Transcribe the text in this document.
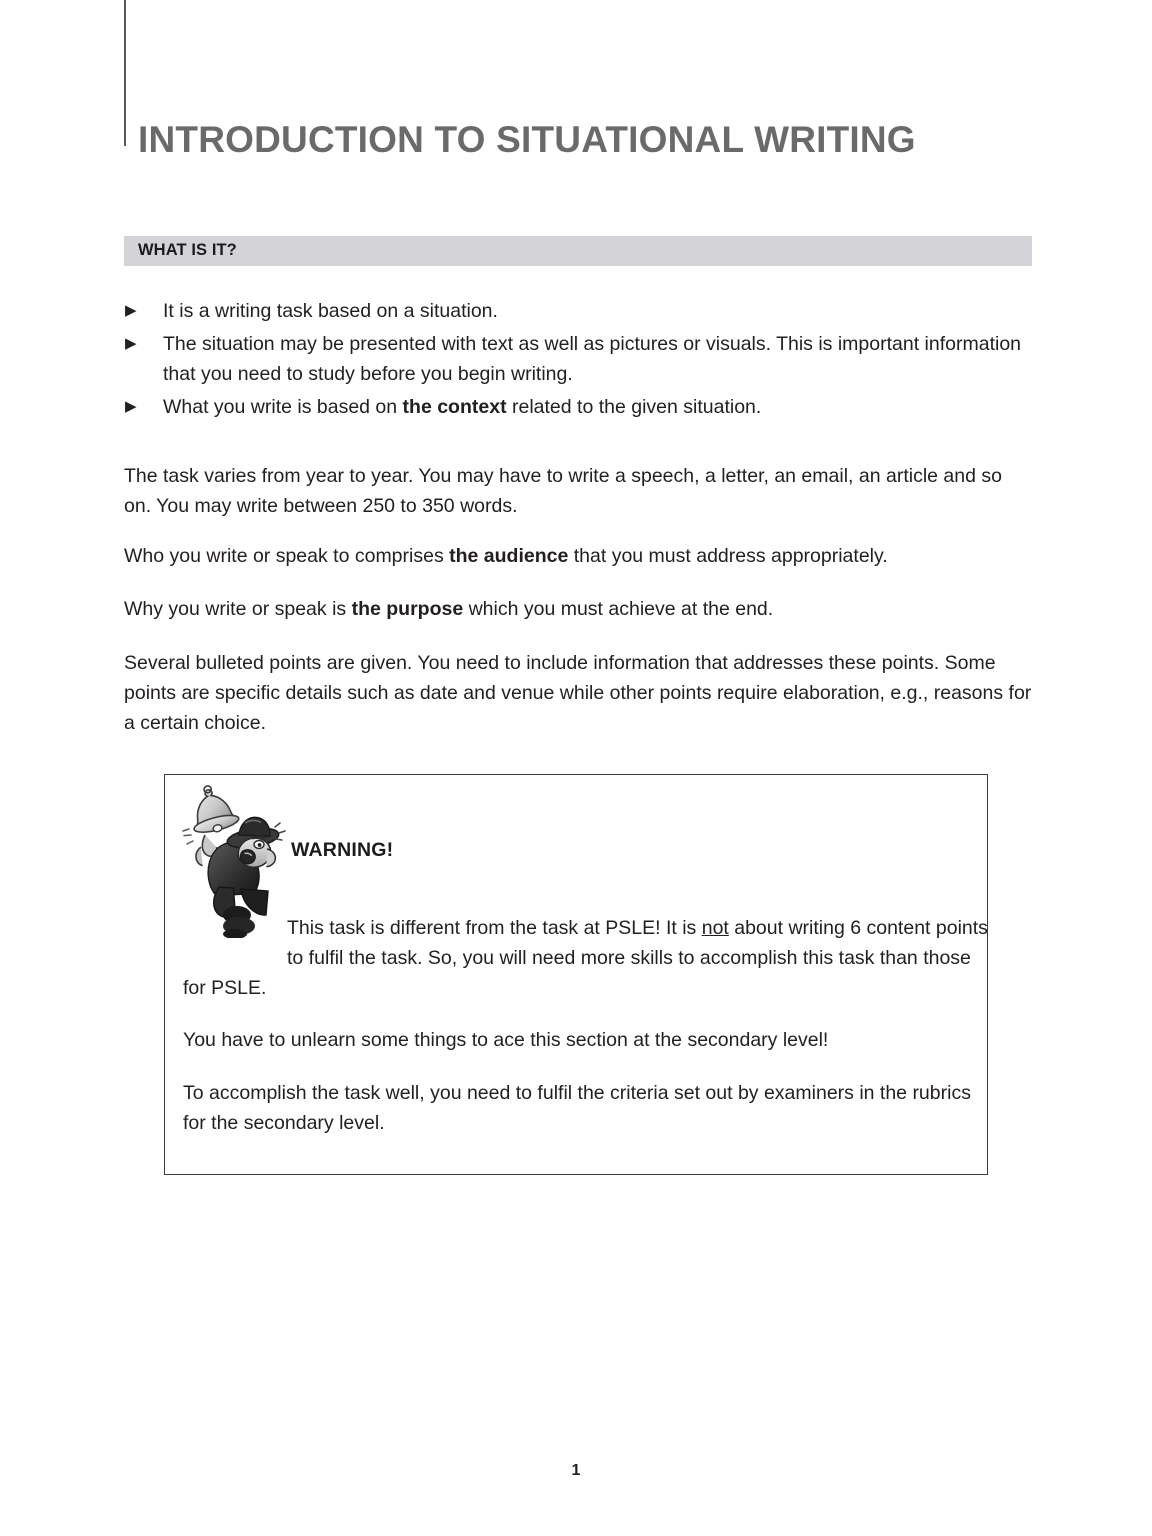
INTRODUCTION TO SITUATIONAL WRITING
WHAT IS IT?
▶	It is a writing task based on a situation.
▶	The situation may be presented with text as well as pictures or visuals. This is important information that you need to study before you begin writing.
▶	What you write is based on the context related to the given situation.

The task varies from year to year. You may have to write a speech, a letter, an email, an article and so on. You may write between 250 to 350 words.

Who you write or speak to comprises the audience that you must address appropriately.

Why you write or speak is the purpose which you must achieve at the end.

Several bulleted points are given. You need to include information that addresses these points. Some points are specific details such as date and venue while other points require elaboration, e.g., reasons for a certain choice.

WARNING!

This task is different from the task at PSLE! It is not about writing 6 content points to fulfil the task. So, you will need more skills to accomplish this task than those for PSLE.

You have to unlearn some things to ace this section at the secondary level!

To accomplish the task well, you need to fulfil the criteria set out by examiners in the rubrics for the secondary level.

1
